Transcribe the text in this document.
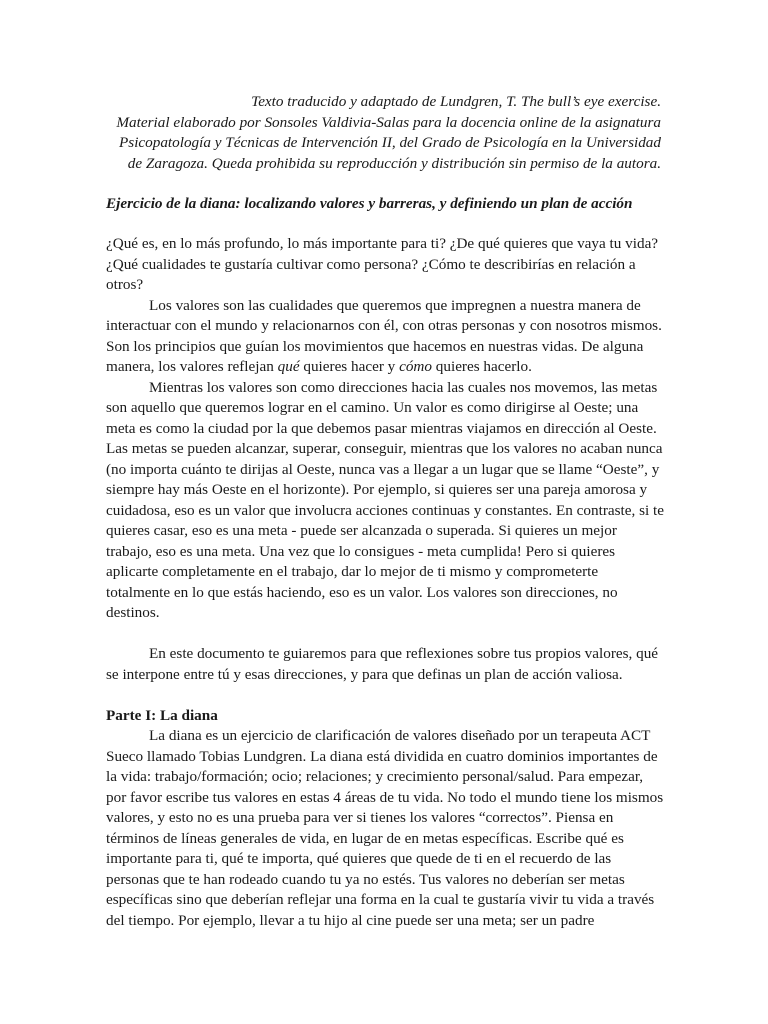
Texto traducido y adaptado de Lundgren, T. The bull’s eye exercise.
Material elaborado por Sonsoles Valdivia-Salas para la docencia online de la asignatura
Psicopatología y Técnicas de Intervención II, del Grado de Psicología en la Universidad
de Zaragoza. Queda prohibida su reproducción y distribución sin permiso de la autora.
Ejercicio de la diana: localizando valores y barreras, y definiendo un plan de acción
¿Qué es, en lo más profundo, lo más importante para ti? ¿De qué quieres que vaya tu vida?
¿Qué cualidades te gustaría cultivar como persona? ¿Cómo te describirías en relación a
otros?
Los valores son las cualidades que queremos que impregnen a nuestra manera de
interactuar con el mundo y relacionarnos con él, con otras personas y con nosotros mismos.
Son los principios que guían los movimientos que hacemos en nuestras vidas. De alguna
manera, los valores reflejan qué quieres hacer y cómo quieres hacerlo.
Mientras los valores son como direcciones hacia las cuales nos movemos, las metas
son aquello que queremos lograr en el camino. Un valor es como dirigirse al Oeste; una
meta es como la ciudad por la que debemos pasar mientras viajamos en dirección al Oeste.
Las metas se pueden alcanzar, superar, conseguir, mientras que los valores no acaban nunca
(no importa cuánto te dirijas al Oeste, nunca vas a llegar a un lugar que se llame “Oeste”, y
siempre hay más Oeste en el horizonte). Por ejemplo, si quieres ser una pareja amorosa y
cuidadosa, eso es un valor que involucra acciones continuas y constantes. En contraste, si te
quieres casar, eso es una meta - puede ser alcanzada o superada. Si quieres un mejor
trabajo, eso es una meta. Una vez que lo consigues - meta cumplida! Pero si quieres
aplicarte completamente en el trabajo, dar lo mejor de ti mismo y comprometerte
totalmente en lo que estás haciendo, eso es un valor. Los valores son direcciones, no
destinos.
En este documento te guiaremos para que reflexiones sobre tus propios valores, qué
se interpone entre tú y esas direcciones, y para que definas un plan de acción valiosa.
Parte I: La diana
La diana es un ejercicio de clarificación de valores diseñado por un terapeuta ACT
Sueco llamado Tobias Lundgren. La diana está dividida en cuatro dominios importantes de
la vida: trabajo/formación; ocio; relaciones; y crecimiento personal/salud. Para empezar,
por favor escribe tus valores en estas 4 áreas de tu vida. No todo el mundo tiene los mismos
valores, y esto no es una prueba para ver si tienes los valores “correctos”. Piensa en
términos de líneas generales de vida, en lugar de en metas específicas. Escribe qué es
importante para ti, qué te importa, qué quieres que quede de ti en el recuerdo de las
personas que te han rodeado cuando tu ya no estés. Tus valores no deberían ser metas
específicas sino que deberían reflejar una forma en la cual te gustaría vivir tu vida a través
del tiempo. Por ejemplo, llevar a tu hijo al cine puede ser una meta; ser un padre
